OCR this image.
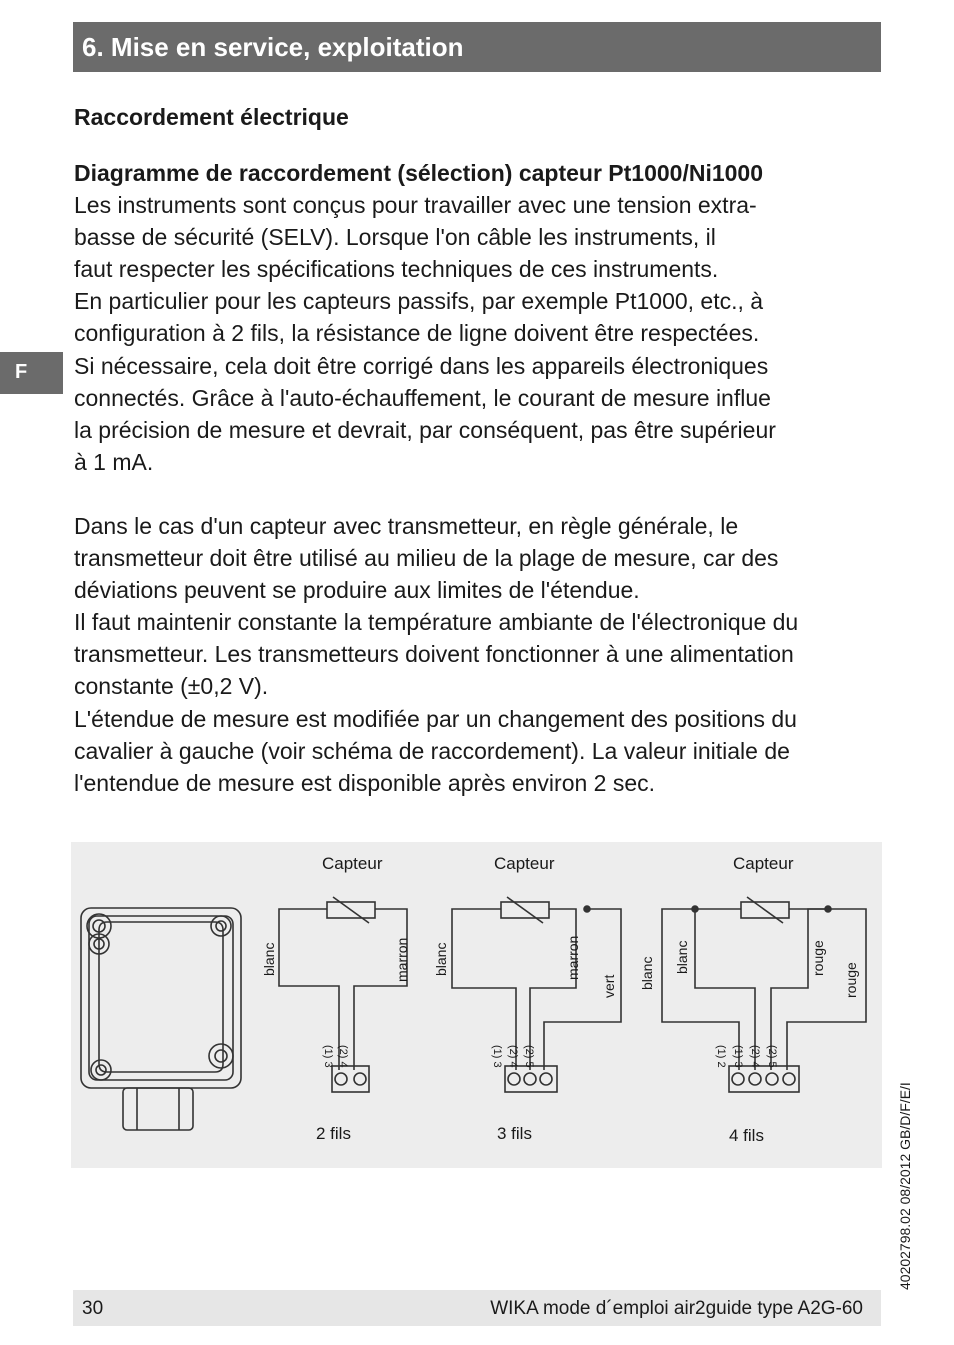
6. Mise en service, exploitation
F
Raccordement électrique
Diagramme de raccordement (sélection) capteur Pt1000/Ni1000

Les instruments sont conçus pour travailler avec une tension extra-

basse de sécurité (SELV). Lorsque l'on câble les instruments, il

faut respecter les spécifications techniques de ces instruments.

En particulier pour les capteurs passifs, par exemple Pt1000, etc., à

configuration à 2 fils, la résistance de ligne doivent être respectées.

Si nécessaire, cela doit être corrigé dans les appareils électroniques

connectés. Grâce à l'auto-échauffement, le courant de mesure influe

la précision de mesure et devrait, par conséquent, pas être supérieur

à 1 mA.

Dans le cas d'un capteur avec transmetteur, en règle générale, le

transmetteur doit être utilisé au milieu de la plage de mesure, car des

déviations peuvent se produire aux limites de l'étendue.

Il faut maintenir constante la température ambiante de l'électronique du

transmetteur. Les transmetteurs doivent fonctionner à une alimentation

constante (±0,2 V).

L'étendue de mesure est modifiée par un changement des positions du

cavalier à gauche (voir schéma de raccordement). La valeur initiale de

l'entendue de mesure est disponible après environ 2 sec.

Capteur
blanc	marron
(1) 3 (2) 4
2 fils
Capteur
blanc	marron
vert
(1) 3 (2) 4 (2) 5
3 fils
Capteur
blanc blanc	rouge
rouge
(1) 2 (1) 3 (2) 4 (2) 5
4 fils	40202798.02 08/2012 GB/D/F/E/I
30	WIKA mode d´emploi air2guide type A2G-60
